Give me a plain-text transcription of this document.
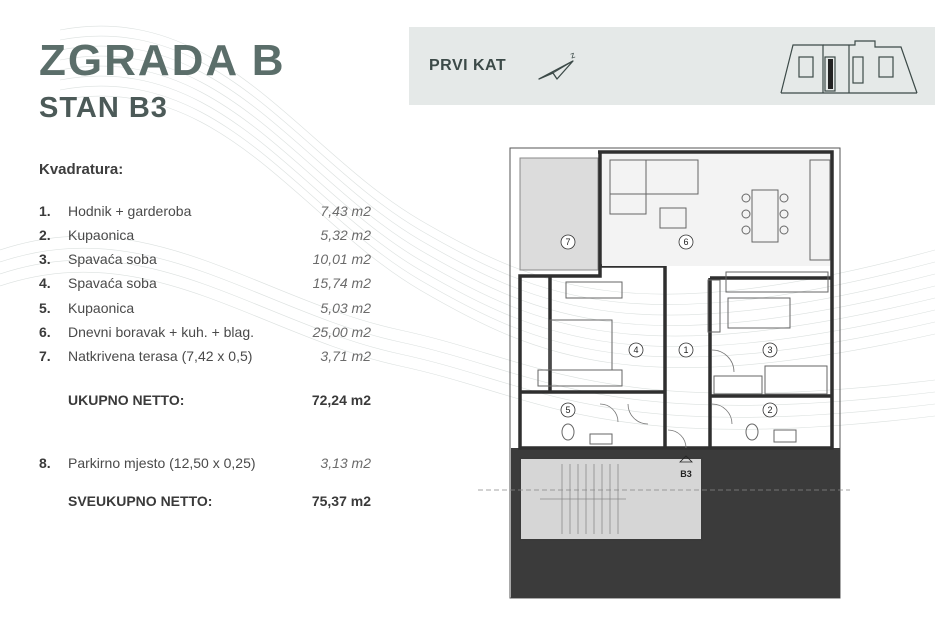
ZGRADA B
STAN B3
PRVI KAT
z
Kvadratura:
1. Hodnik + garderoba	7,43 m2
2. Kupaonica	5,32 m2
3. Spavaća soba	10,01 m2
4. Spavaća soba	15,74 m2
5. Kupaonica	5,03 m2
6. Dnevni boravak + kuh. + blag.	25,00 m2
7. Natkrivena terasa (7,42 x 0,5)	3,71 m2
UKUPNO NETTO:	72,24 m2
8. Parkirno mjesto (12,50 x 0,25)	3,13 m2
SVEUKUPNO NETTO:	75,37 m2
1
2
3
4
5
6
7
B3
